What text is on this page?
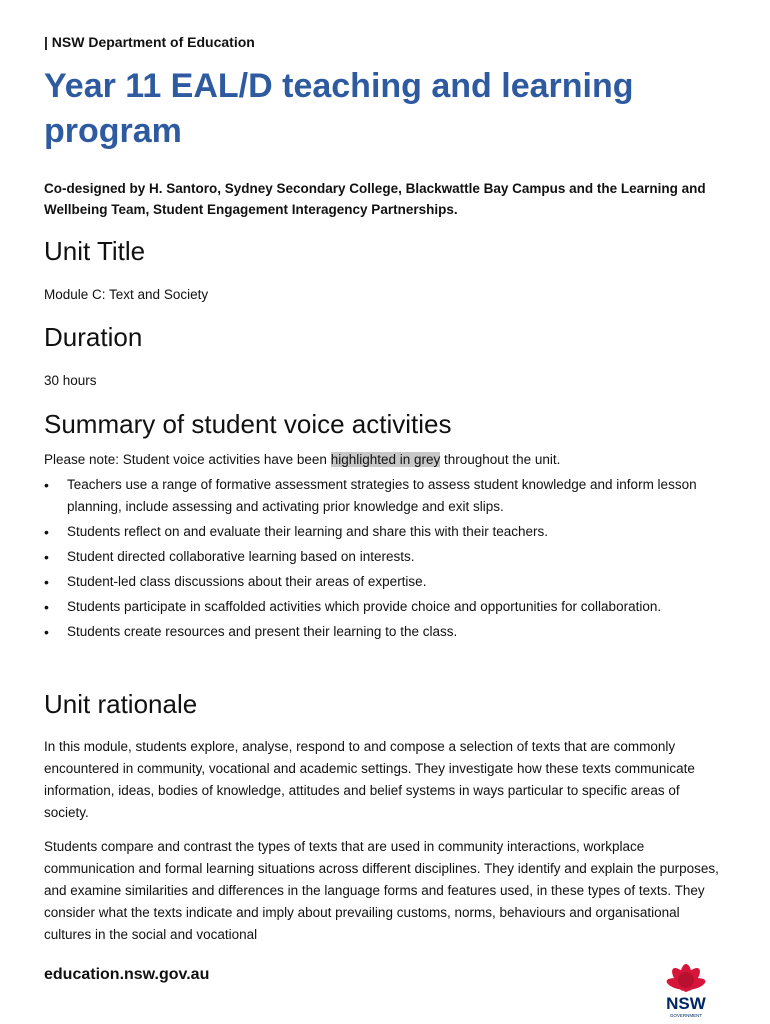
| NSW Department of Education
Year 11 EAL/D teaching and learning program

Co-designed by H. Santoro, Sydney Secondary College, Blackwattle Bay Campus and the Learning and Wellbeing Team, Student Engagement Interagency Partnerships.

Unit Title

Module C: Text and Society

Duration

30 hours

Summary of student voice activities

Please note: Student voice activities have been highlighted in grey throughout the unit.

• Teachers use a range of formative assessment strategies to assess student knowledge and inform lesson planning, include assessing and activating prior knowledge and exit slips.
• Students reflect on and evaluate their learning and share this with their teachers.
• Student directed collaborative learning based on interests.
• Student-led class discussions about their areas of expertise.
• Students participate in scaffolded activities which provide choice and opportunities for collaboration.
• Students create resources and present their learning to the class.
Unit rationale

In this module, students explore, analyse, respond to and compose a selection of texts that are commonly encountered in community, vocational and academic settings. They investigate how these texts communicate information, ideas, bodies of knowledge, attitudes and belief systems in ways particular to specific areas of society.

Students compare and contrast the types of texts that are used in community interactions, workplace communication and formal learning situations across different disciplines. They identify and explain the purposes, and examine similarities and differences in the language forms and features used, in these types of texts. They consider what the texts indicate and imply about prevailing customs, norms, behaviours and organisational cultures in the social and vocational

education.nsw.gov.au
NSW
GOVERNMENT
